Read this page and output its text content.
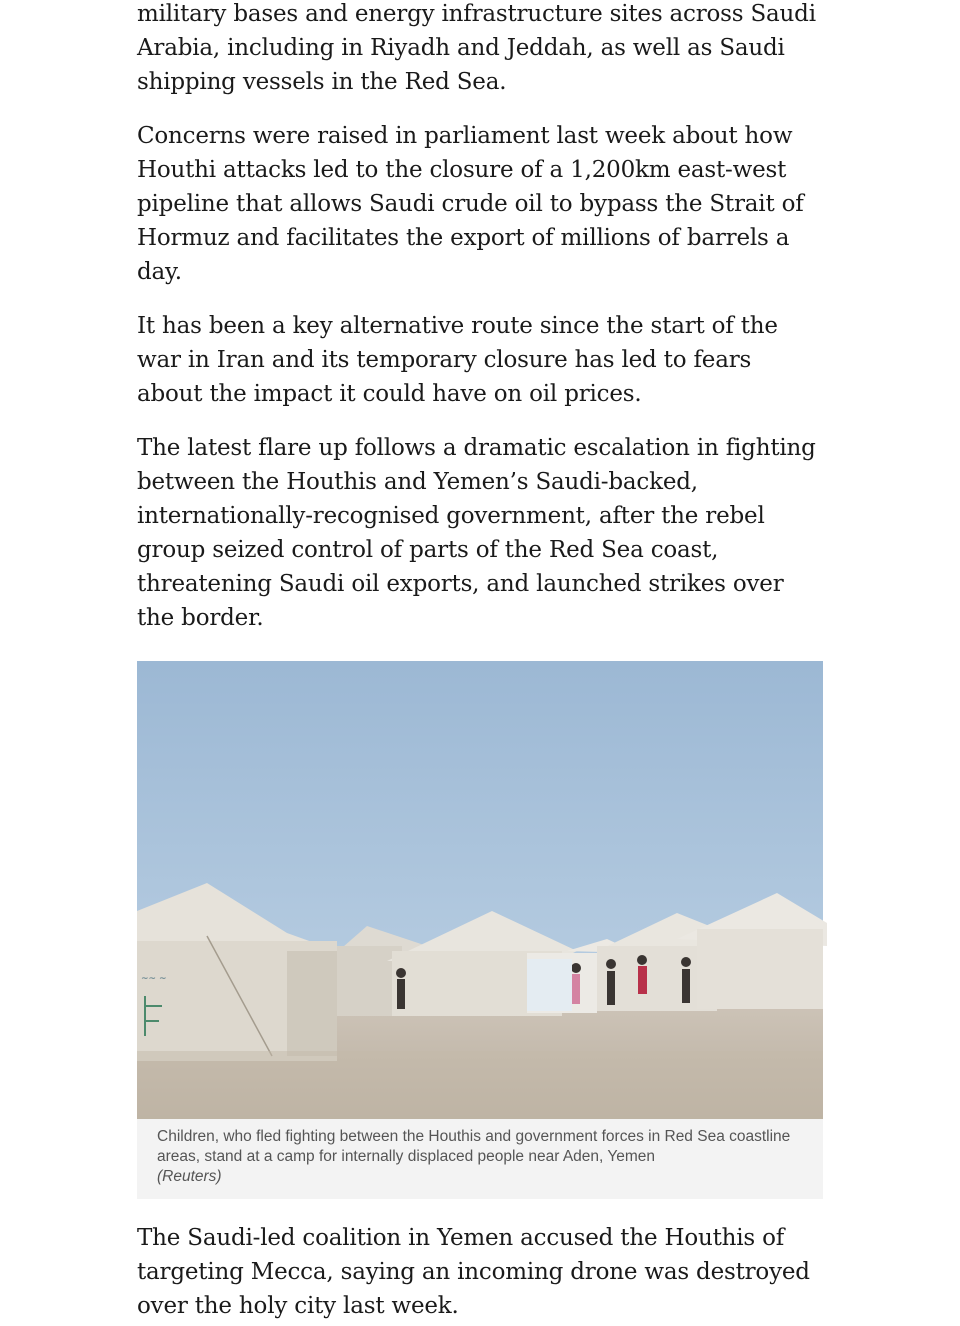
military bases and energy infrastructure sites across Saudi Arabia, including in Riyadh and Jeddah, as well as Saudi shipping vessels in the Red Sea.

Concerns were raised in parliament last week about how Houthi attacks led to the closure of a 1,200km east-west pipeline that allows Saudi crude oil to bypass the Strait of Hormuz and facilitates the export of millions of barrels a day.

It has been a key alternative route since the start of the war in Iran and its temporary closure has led to fears about the impact it could have on oil prices.

The latest flare up follows a dramatic escalation in fighting between the Houthis and Yemen’s Saudi-backed, internationally-recognised government, after the rebel group seized control of parts of the Red Sea coast, threatening Saudi oil exports, and launched strikes over the border.

~~ ~
Children, who fled fighting between the Houthis and government forces in Red Sea coastline areas, stand at a camp for internally displaced people near Aden, Yemen
(Reuters)

The Saudi-led coalition in Yemen accused the Houthis of targeting Mecca, saying an incoming drone was destroyed over the holy city last week.
